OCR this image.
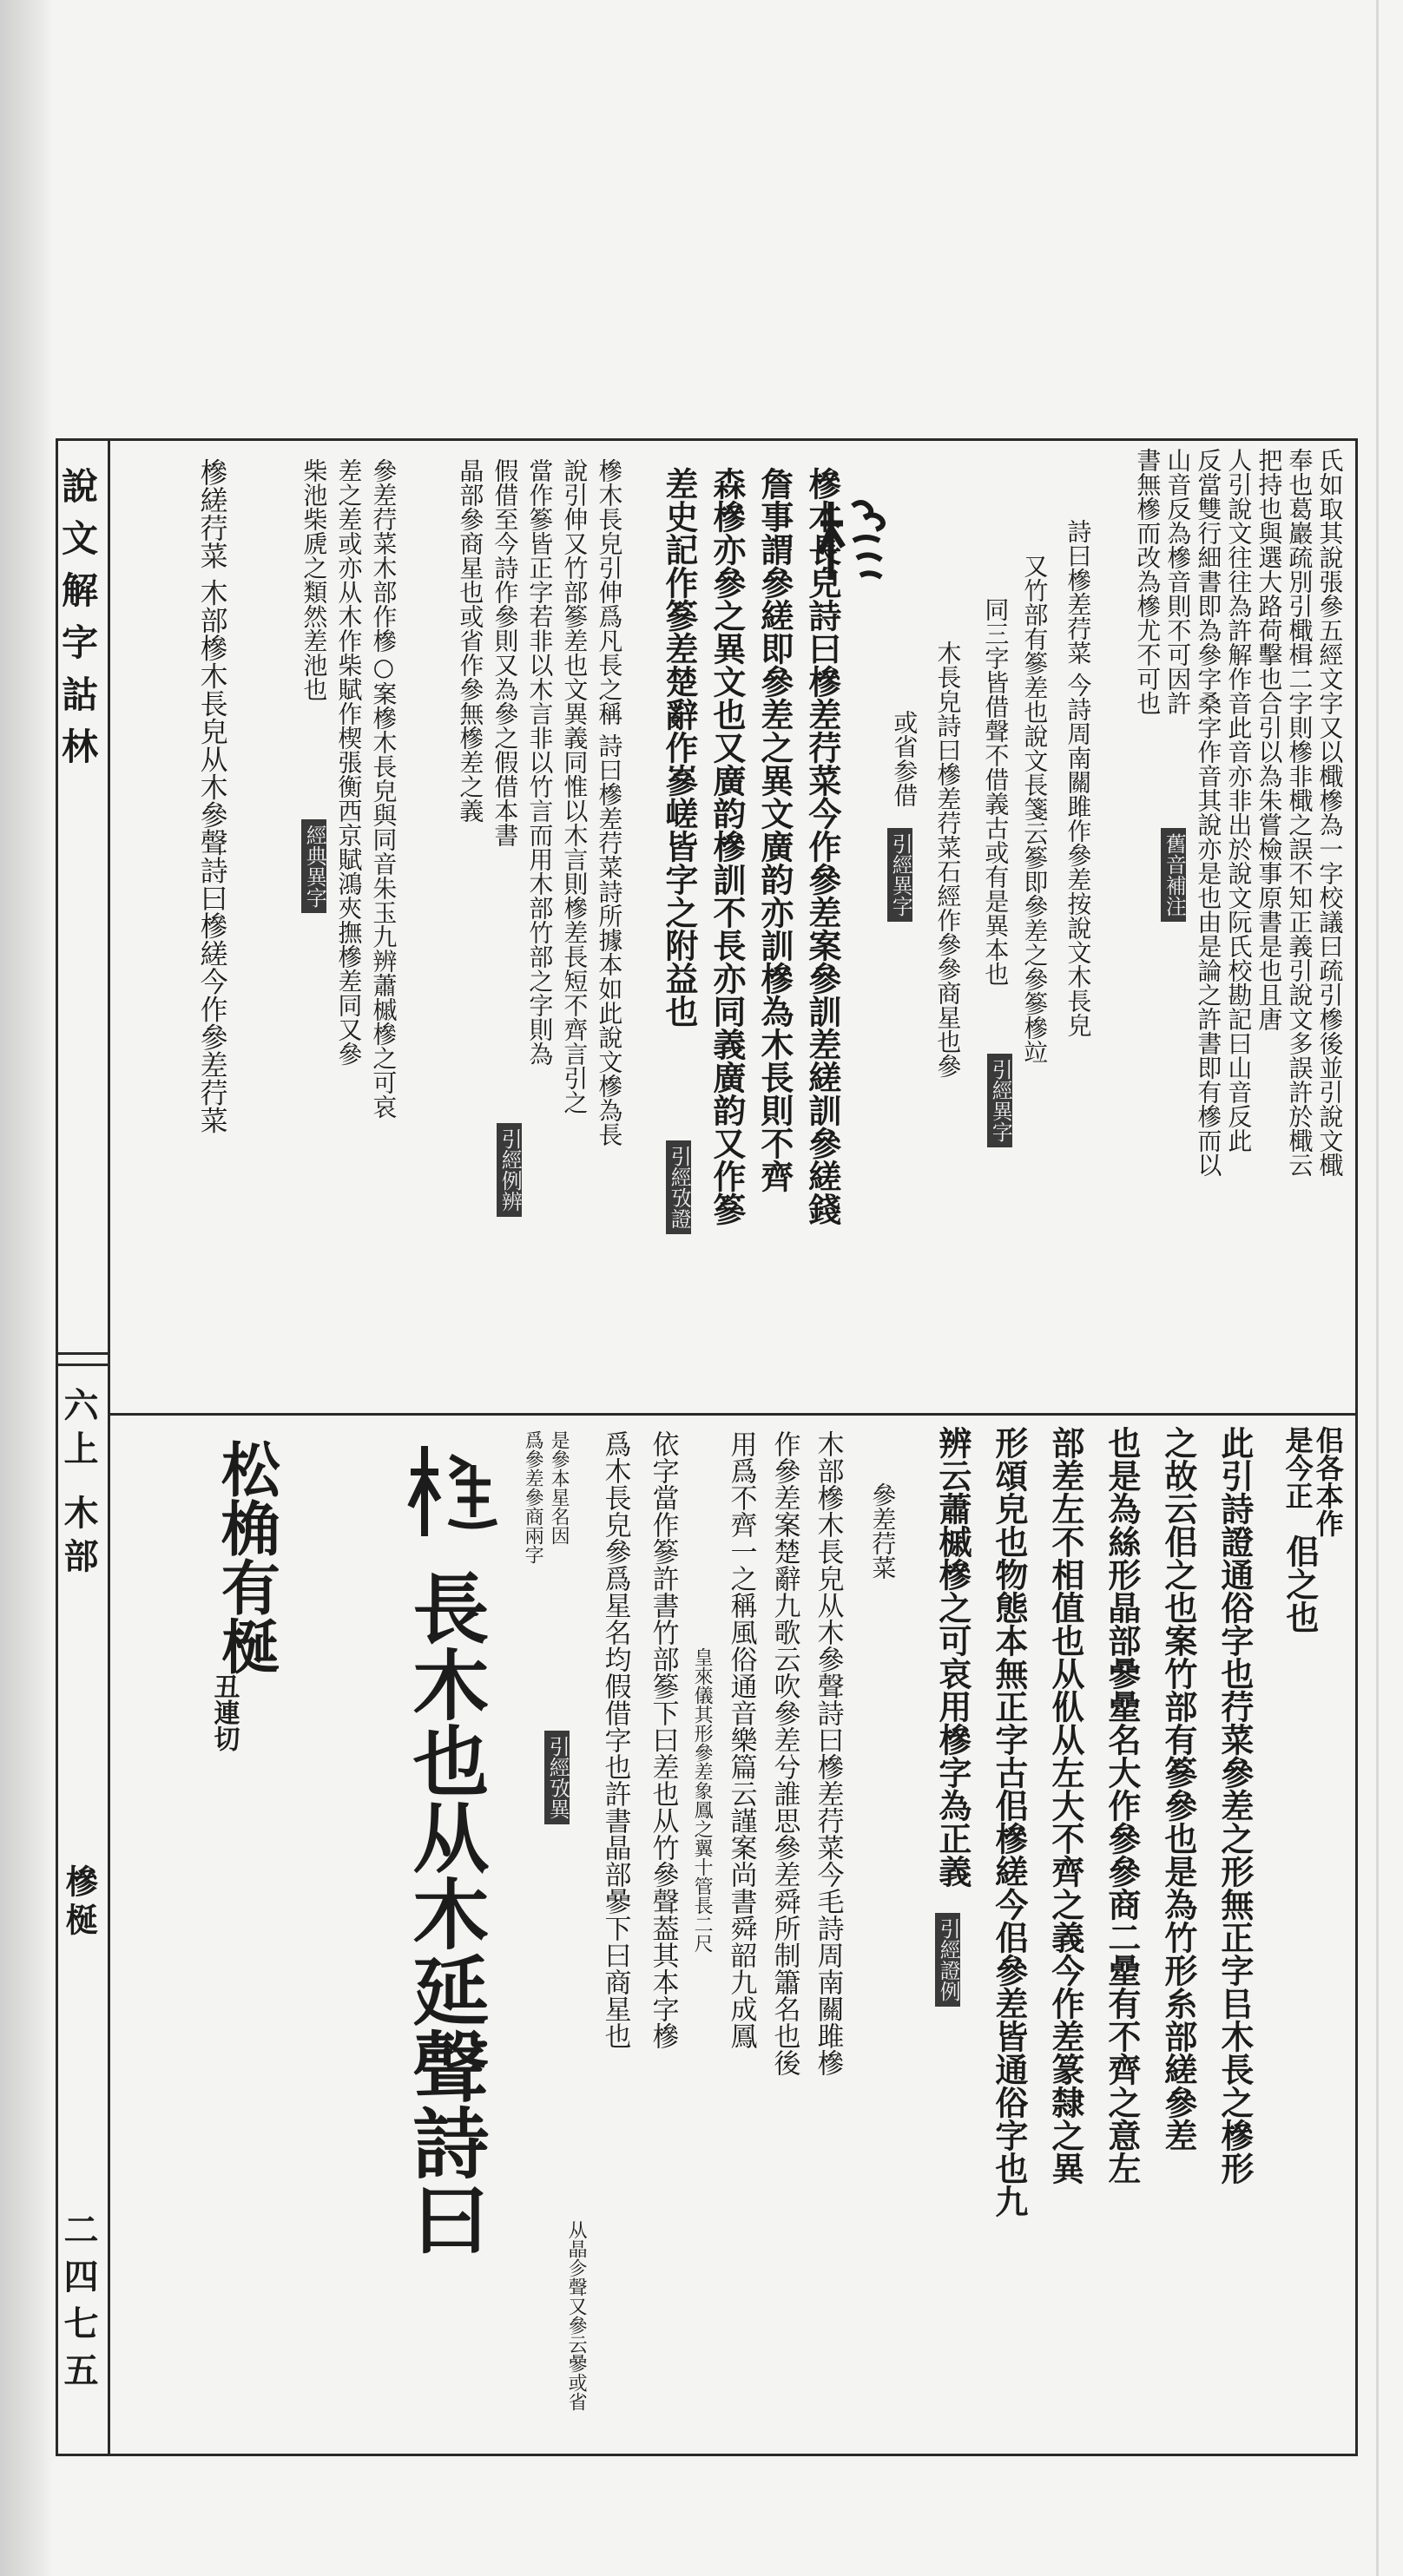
說文解字詁林
六上 木部
槮梴
二四七五
氏如取其說張參五經文字又以檝槮為一字校議曰疏引槮後並引說文檝
奉也葛巖疏別引檝楫二字則槮非檝之誤不知正義引說文多誤許於檝云
把持也與選大路荷擊也合引以為朱嘗檢事原書是也且唐
人引說文往往為許解作音此音亦非出於說文阮氏校勘記曰山音反此
反當雙行細書即為參字桑字作音其說亦是也由是論之許書即有槮而以
山音反為槮音則不可因許
書無槮而改為槮尤不可也
舊音補注
詩曰槮差荇菜 今詩周南關雎作參差按說文木長皃
又竹部有篸差也說文長箋云篸即參差之參篸槮竝
同三字皆借聲不借義古或有是異本也
引經異字
木長皃詩曰槮差荇菜石經作參參商星也參
或省参借
引經異字
槮木長皃詩曰槮差荇菜今作參差案參訓差縒訓參縒錢
詹事謂參縒即參差之異文廣韵亦訓槮為木長則不齊
森槮亦參之異文也又廣韵槮訓不長亦同義廣韵又作篸
差史記作篸差楚辭作嵾嵯皆字之附益也
引經攷證
槮木長皃引伸爲凡長之稱 詩曰槮差荇菜詩所據本如此說文槮為長
說引伸又竹部篸差也文異義同惟以木言則槮差長短不齊言引之
當作篸皆正字若非以木言非以竹言而用木部竹部之字則為
假借至今詩作參則又為參之假借本書
引經例辨
晶部參商星也或省作參無槮差之義
參差荇菜木部作槮○案槮木長皃與同音朱玉九辨蕭槭槮之可哀
差之差或亦从木作柴賦作楔張衡西京賦鴻夾撫槮差同又參
柴池柴虒之類然差池也
經典異字
槮縒荇菜 木部槮木長皃从木參聲詩曰槮縒今作參差荇菜
佀各本作
是今正
佀之也
此引詩證通俗字也荇菜參差之形無正字㠯木長之槮形
之故云佀之也案竹部有篸參也是為竹形糸部縒參差
也是為絲形晶部曑曐名大作參參商二曐有不齊之意左
部差左不相值也从㐺从左大不齊之義今作差篆隸之異
形頌皃也物態本無正字古佀槮縒今佀參差皆通俗字也九
辨云蕭槭槮之可哀用槮字為正義
引經證例
參差荇菜
木部槮木長皃从木參聲詩曰槮差荇菜今毛詩周南關雎槮
作參差案楚辭九歌云吹參差兮誰思參差舜所制簫名也後
用爲不齊一之稱風俗通音樂篇云謹案尚書舜韶九成鳳
皇來儀其形參差象鳳之翼十管長二尺
依字當作篸許書竹部篸下曰差也从竹參聲葢其本字槮
爲木長皃參爲星名均假借字也許書晶部曑下曰商星也
从晶㐱聲又參云曑或省
是參本星名因
爲參差參商兩字
引經攷異
長木也从木延聲詩曰
松桷有梴
丑連切
